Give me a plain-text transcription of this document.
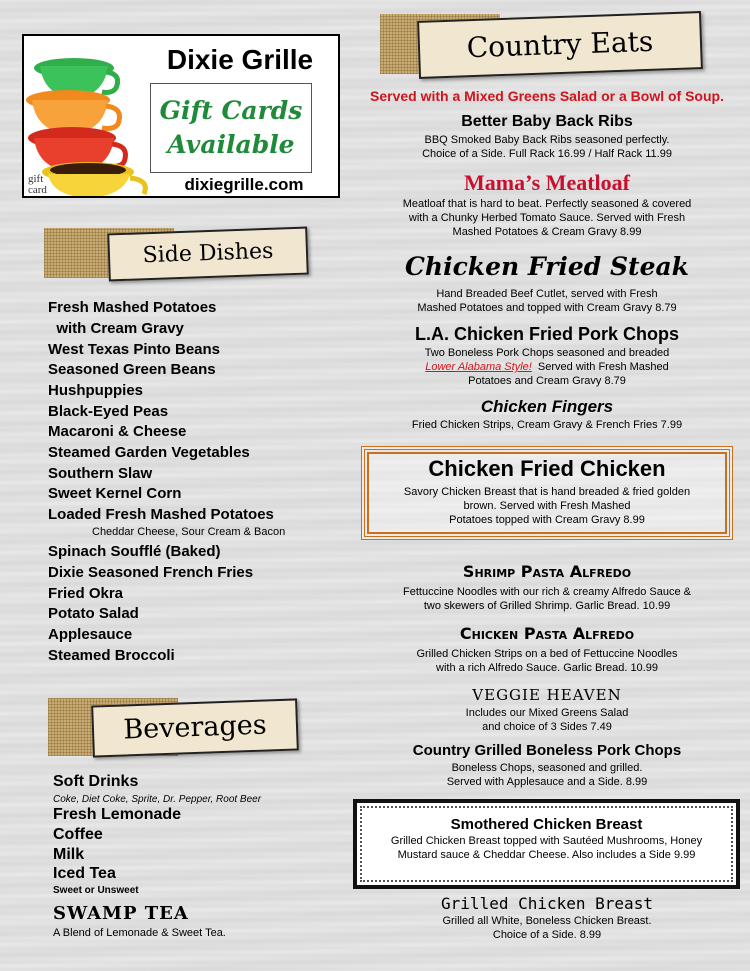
gift
card
Dixie Grille
Gift Cards
Available
dixiegrille.com
Side Dishes
Fresh Mashed Potatoes
with Cream Gravy
West Texas Pinto Beans
Seasoned Green Beans
Hushpuppies
Black-Eyed Peas
Macaroni & Cheese
Steamed Garden Vegetables
Southern Slaw
Sweet Kernel Corn
Loaded Fresh Mashed Potatoes
Cheddar Cheese, Sour Cream & Bacon
Spinach Soufflé (Baked)
Dixie Seasoned French Fries
Fried Okra
Potato Salad
Applesauce
Steamed Broccoli
Beverages
Soft Drinks
Coke, Diet Coke, Sprite, Dr. Pepper, Root Beer
Fresh Lemonade
Coffee
Milk
Iced Tea
Sweet or Unsweet
SWAMP TEA
A Blend of Lemonade & Sweet Tea.
Country Eats
Served with a Mixed Greens Salad or a Bowl of Soup.
Better Baby Back Ribs
BBQ Smoked Baby Back Ribs seasoned perfectly.
Choice of a Side. Full Rack 16.99 / Half Rack 11.99
Mama’s Meatloaf
Meatloaf that is hard to beat. Perfectly seasoned & covered
with a Chunky Herbed Tomato Sauce. Served with Fresh
Mashed Potatoes & Cream Gravy 8.99
Chicken Fried Steak
Hand Breaded Beef Cutlet, served with Fresh
Mashed Potatoes and topped with Cream Gravy 8.79
L.A. Chicken Fried Pork Chops
Two Boneless Pork Chops seasoned and breaded
Lower Alabama Style!  Served with Fresh Mashed
Potatoes and Cream Gravy 8.79
Chicken Fingers
Fried Chicken Strips, Cream Gravy & French Fries 7.99
Chicken Fried Chicken
Savory Chicken Breast that is hand breaded & fried golden
brown. Served with Fresh Mashed
Potatoes topped with Cream Gravy 8.99
Shrimp Pasta Alfredo
Fettuccine Noodles with our rich & creamy Alfredo Sauce &
two skewers of Grilled Shrimp. Garlic Bread. 10.99
Chicken Pasta Alfredo
Grilled Chicken Strips on a bed of Fettuccine Noodles
with a rich Alfredo Sauce. Garlic Bread. 10.99
VEGGIE HEAVEN
Includes our Mixed Greens Salad
and choice of 3 Sides 7.49
Country Grilled Boneless Pork Chops
Boneless Chops, seasoned and grilled.
Served with Applesauce and a Side. 8.99
Smothered Chicken Breast
Grilled Chicken Breast topped with Sautéed Mushrooms, Honey
Mustard sauce & Cheddar Cheese. Also includes a Side 9.99
Grilled Chicken Breast
Grilled all White, Boneless Chicken Breast.
Choice of a Side. 8.99
